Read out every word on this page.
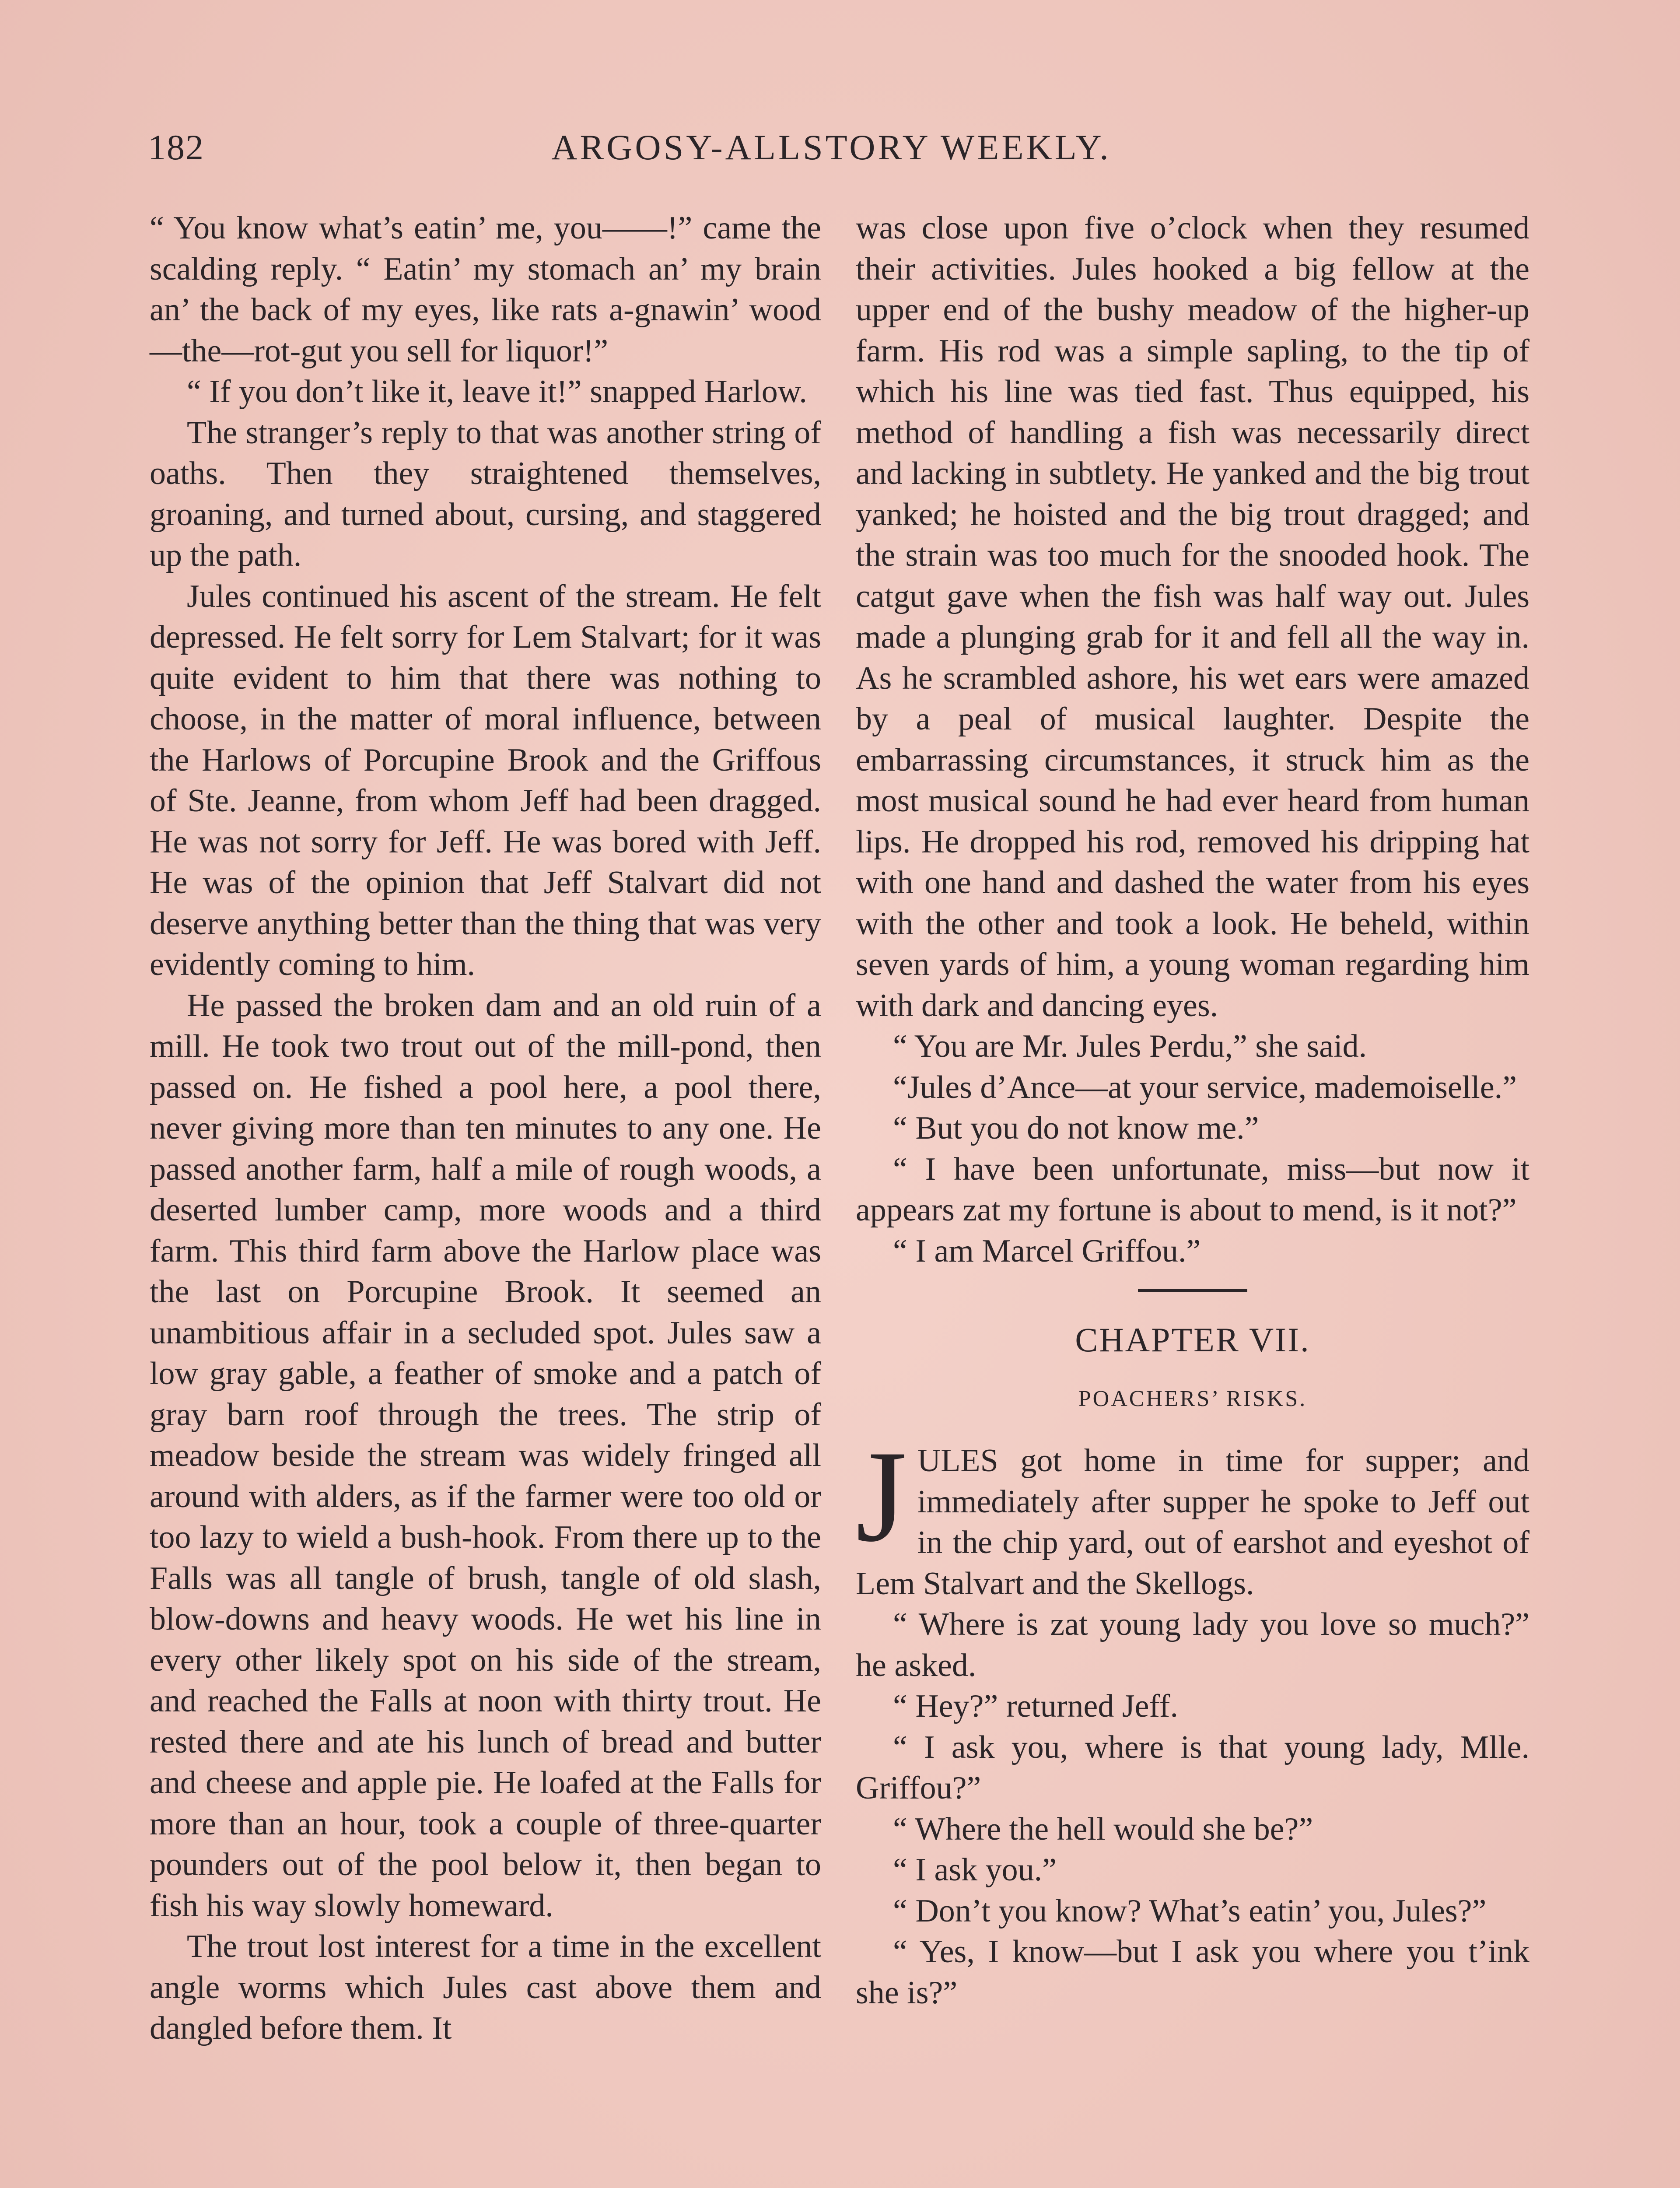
182	ARGOSY-ALLSTORY WEEKLY.

“ You know what’s eatin’ me, you——!” came the scalding reply. “ Eatin’ my stomach an’ my brain an’ the back of my eyes, like rats a-gnawin’ wood—the—rot-gut you sell for liquor!”

“ If you don’t like it, leave it!” snapped Harlow.

The stranger’s reply to that was another string of oaths. Then they straightened themselves, groaning, and turned about, cursing, and staggered up the path.

Jules continued his ascent of the stream. He felt depressed. He felt sorry for Lem Stalvart; for it was quite evident to him that there was nothing to choose, in the matter of moral influence, between the Harlows of Porcupine Brook and the Griffous of Ste. Jeanne, from whom Jeff had been dragged. He was not sorry for Jeff. He was bored with Jeff. He was of the opinion that Jeff Stalvart did not deserve anything better than the thing that was very evidently coming to him.

He passed the broken dam and an old ruin of a mill. He took two trout out of the mill-pond, then passed on. He fished a pool here, a pool there, never giving more than ten minutes to any one. He passed another farm, half a mile of rough woods, a deserted lumber camp, more woods and a third farm. This third farm above the Harlow place was the last on Porcupine Brook. It seemed an unambitious affair in a secluded spot. Jules saw a low gray gable, a feather of smoke and a patch of gray barn roof through the trees. The strip of meadow beside the stream was widely fringed all around with alders, as if the farmer were too old or too lazy to wield a bush-hook. From there up to the Falls was all tangle of brush, tangle of old slash, blow-downs and heavy woods. He wet his line in every other likely spot on his side of the stream, and reached the Falls at noon with thirty trout. He rested there and ate his lunch of bread and butter and cheese and apple pie. He loafed at the Falls for more than an hour, took a couple of three-quarter pounders out of the pool below it, then began to fish his way slowly homeward.

The trout lost interest for a time in the excellent angle worms which Jules cast above them and dangled before them. It

was close upon five o’clock when they resumed their activities. Jules hooked a big fellow at the upper end of the bushy meadow of the higher-up farm. His rod was a simple sapling, to the tip of which his line was tied fast. Thus equipped, his method of handling a fish was necessarily direct and lacking in subtlety. He yanked and the big trout yanked; he hoisted and the big trout dragged; and the strain was too much for the snooded hook. The catgut gave when the fish was half way out. Jules made a plunging grab for it and fell all the way in. As he scrambled ashore, his wet ears were amazed by a peal of musical laughter. Despite the embarrassing circumstances, it struck him as the most musical sound he had ever heard from human lips. He dropped his rod, removed his dripping hat with one hand and dashed the water from his eyes with the other and took a look. He beheld, within seven yards of him, a young woman regarding him with dark and dancing eyes.

“ You are Mr. Jules Perdu,” she said.

“Jules d’Ance—at your service, mademoiselle.”

“ But you do not know me.”

“ I have been unfortunate, miss—but now it appears zat my fortune is about to mend, is it not?”

“ I am Marcel Griffou.”

CHAPTER VII.
POACHERS’ RISKS.

JULES got home in time for supper; and immediately after supper he spoke to Jeff out in the chip yard, out of earshot and eyeshot of Lem Stalvart and the Skellogs.

“ Where is zat young lady you love so much?” he asked.

“ Hey?” returned Jeff.

“ I ask you, where is that young lady, Mlle. Griffou?”

“ Where the hell would she be?”

“ I ask you.”

“ Don’t you know? What’s eatin’ you, Jules?”

“ Yes, I know—but I ask you where you t’ink she is?”
